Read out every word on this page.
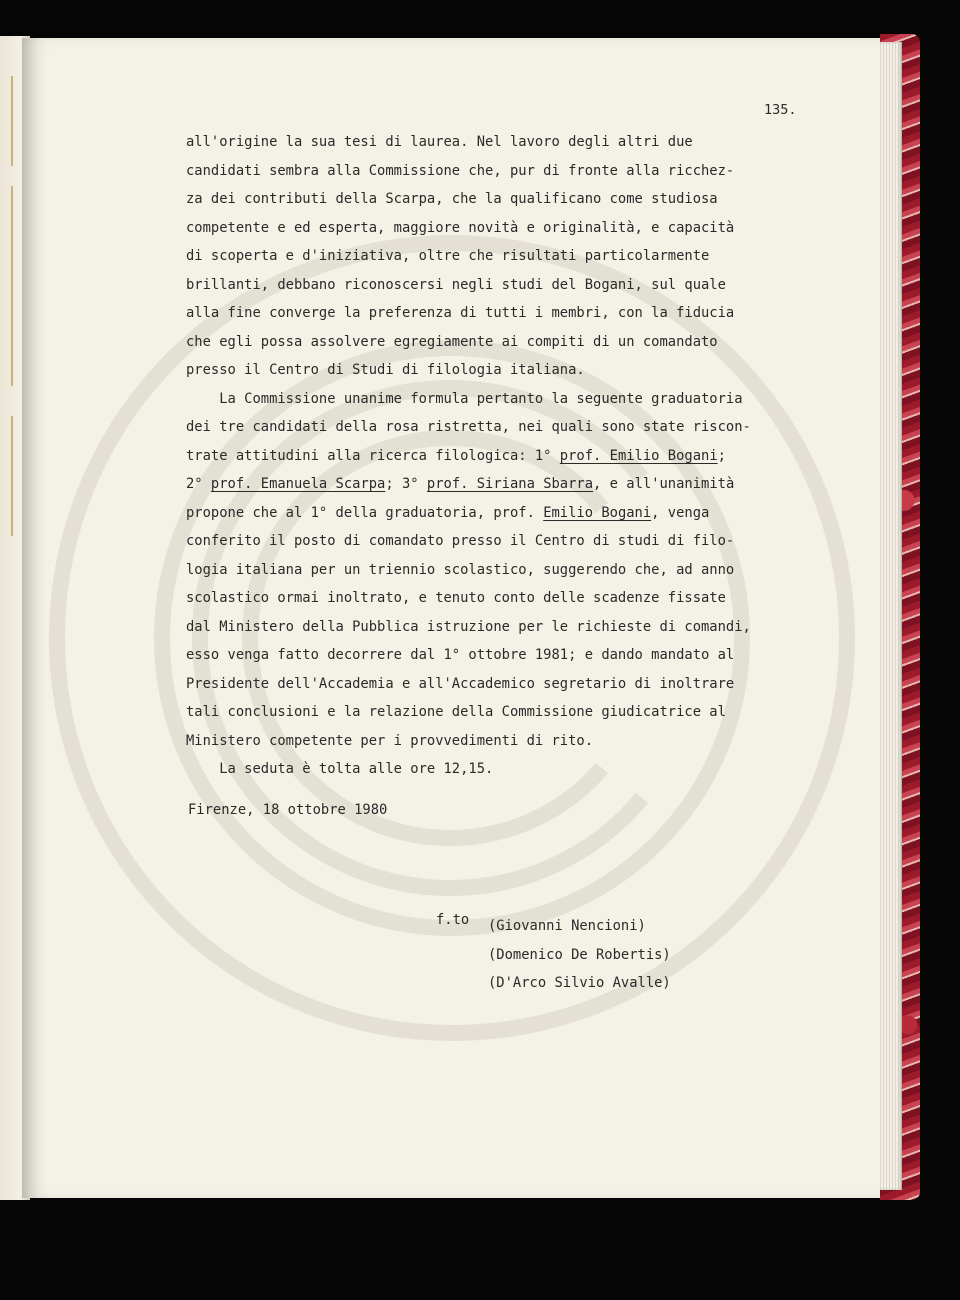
135.
all'origine la sua tesi di laurea. Nel lavoro degli altri due
candidati sembra alla Commissione che, pur di fronte alla ricchez-
za dei contributi della Scarpa, che la qualificano come studiosa
competente e ed esperta, maggiore novità e originalità, e capacità
di scoperta e d'iniziativa, oltre che risultati particolarmente
brillanti, debbano riconoscersi negli studi del Bogani, sul quale
alla fine converge la preferenza di tutti i membri, con la fiducia
che egli possa assolvere egregiamente ai compiti di un comandato
presso il Centro di Studi di filologia italiana.
La Commissione unanime formula pertanto la seguente graduatoria
dei tre candidati della rosa ristretta, nei quali sono state riscon-
trate attitudini alla ricerca filologica: 1° prof. Emilio Bogani;
2° prof. Emanuela Scarpa; 3° prof. Siriana Sbarra, e all'unanimità
propone che al 1° della graduatoria, prof. Emilio Bogani, venga
conferito il posto di comandato presso il Centro di studi di filo-
logia italiana per un triennio scolastico, suggerendo che, ad anno
scolastico ormai inoltrato, e tenuto conto delle scadenze fissate
dal Ministero della Pubblica istruzione per le richieste di comandi,
esso venga fatto decorrere dal 1° ottobre 1981; e dando mandato al
Presidente dell'Accademia e all'Accademico segretario di inoltrare
tali conclusioni e la relazione della Commissione giudicatrice al
Ministero competente per i provvedimenti di rito.
La seduta è tolta alle ore 12,15.
Firenze, 18 ottobre 1980
f.to (Giovanni Nencioni)
(Domenico De Robertis)
(D'Arco Silvio Avalle)
